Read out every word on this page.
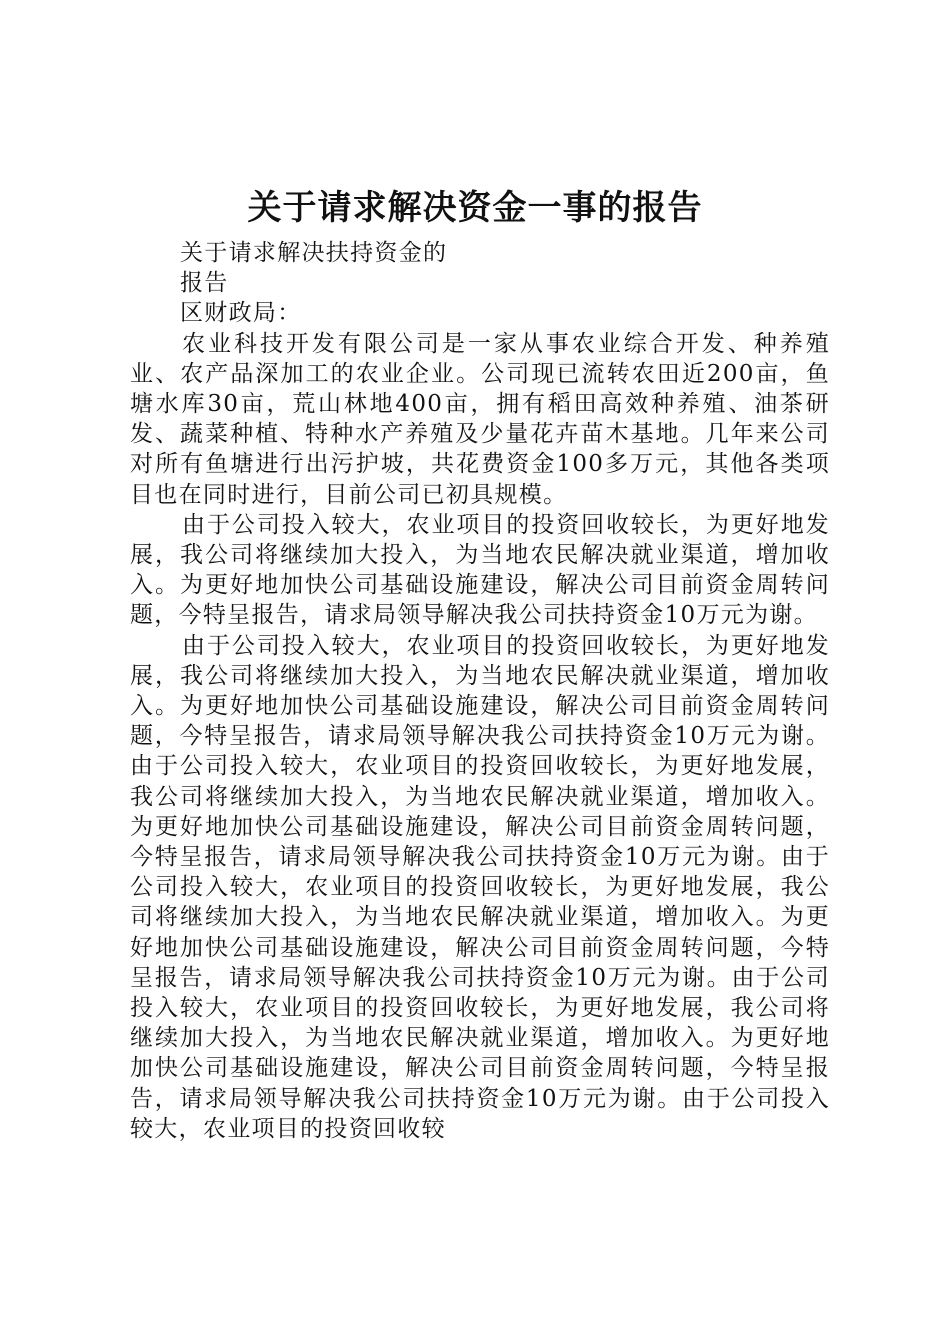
关于请求解决资金一事的报告

关于请求解决扶持资金的

报告

区财政局：

农业科技开发有限公司是一家从事农业综合开发、种养殖业、农产品深加工的农业企业。公司现已流转农田近200亩，鱼塘水库30亩，荒山林地400亩，拥有稻田高效种养殖、油茶研发、蔬菜种植、特种水产养殖及少量花卉苗木基地。几年来公司对所有鱼塘进行出污护坡，共花费资金100多万元，其他各类项目也在同时进行，目前公司已初具规模。

由于公司投入较大，农业项目的投资回收较长，为更好地发展，我公司将继续加大投入，为当地农民解决就业渠道，增加收入。为更好地加快公司基础设施建设，解决公司目前资金周转问题，今特呈报告，请求局领导解决我公司扶持资金10万元为谢。

由于公司投入较大，农业项目的投资回收较长，为更好地发展，我公司将继续加大投入，为当地农民解决就业渠道，增加收入。为更好地加快公司基础设施建设，解决公司目前资金周转问题，今特呈报告，请求局领导解决我公司扶持资金10万元为谢。由于公司投入较大，农业项目的投资回收较长，为更好地发展，我公司将继续加大投入，为当地农民解决就业渠道，增加收入。为更好地加快公司基础设施建设，解决公司目前资金周转问题，今特呈报告，请求局领导解决我公司扶持资金10万元为谢。由于公司投入较大，农业项目的投资回收较长，为更好地发展，我公司将继续加大投入，为当地农民解决就业渠道，增加收入。为更好地加快公司基础设施建设，解决公司目前资金周转问题，今特呈报告，请求局领导解决我公司扶持资金10万元为谢。由于公司投入较大，农业项目的投资回收较长，为更好地发展，我公司将继续加大投入，为当地农民解决就业渠道，增加收入。为更好地加快公司基础设施建设，解决公司目前资金周转问题，今特呈报告，请求局领导解决我公司扶持资金10万元为谢。由于公司投入较大，农业项目的投资回收较
